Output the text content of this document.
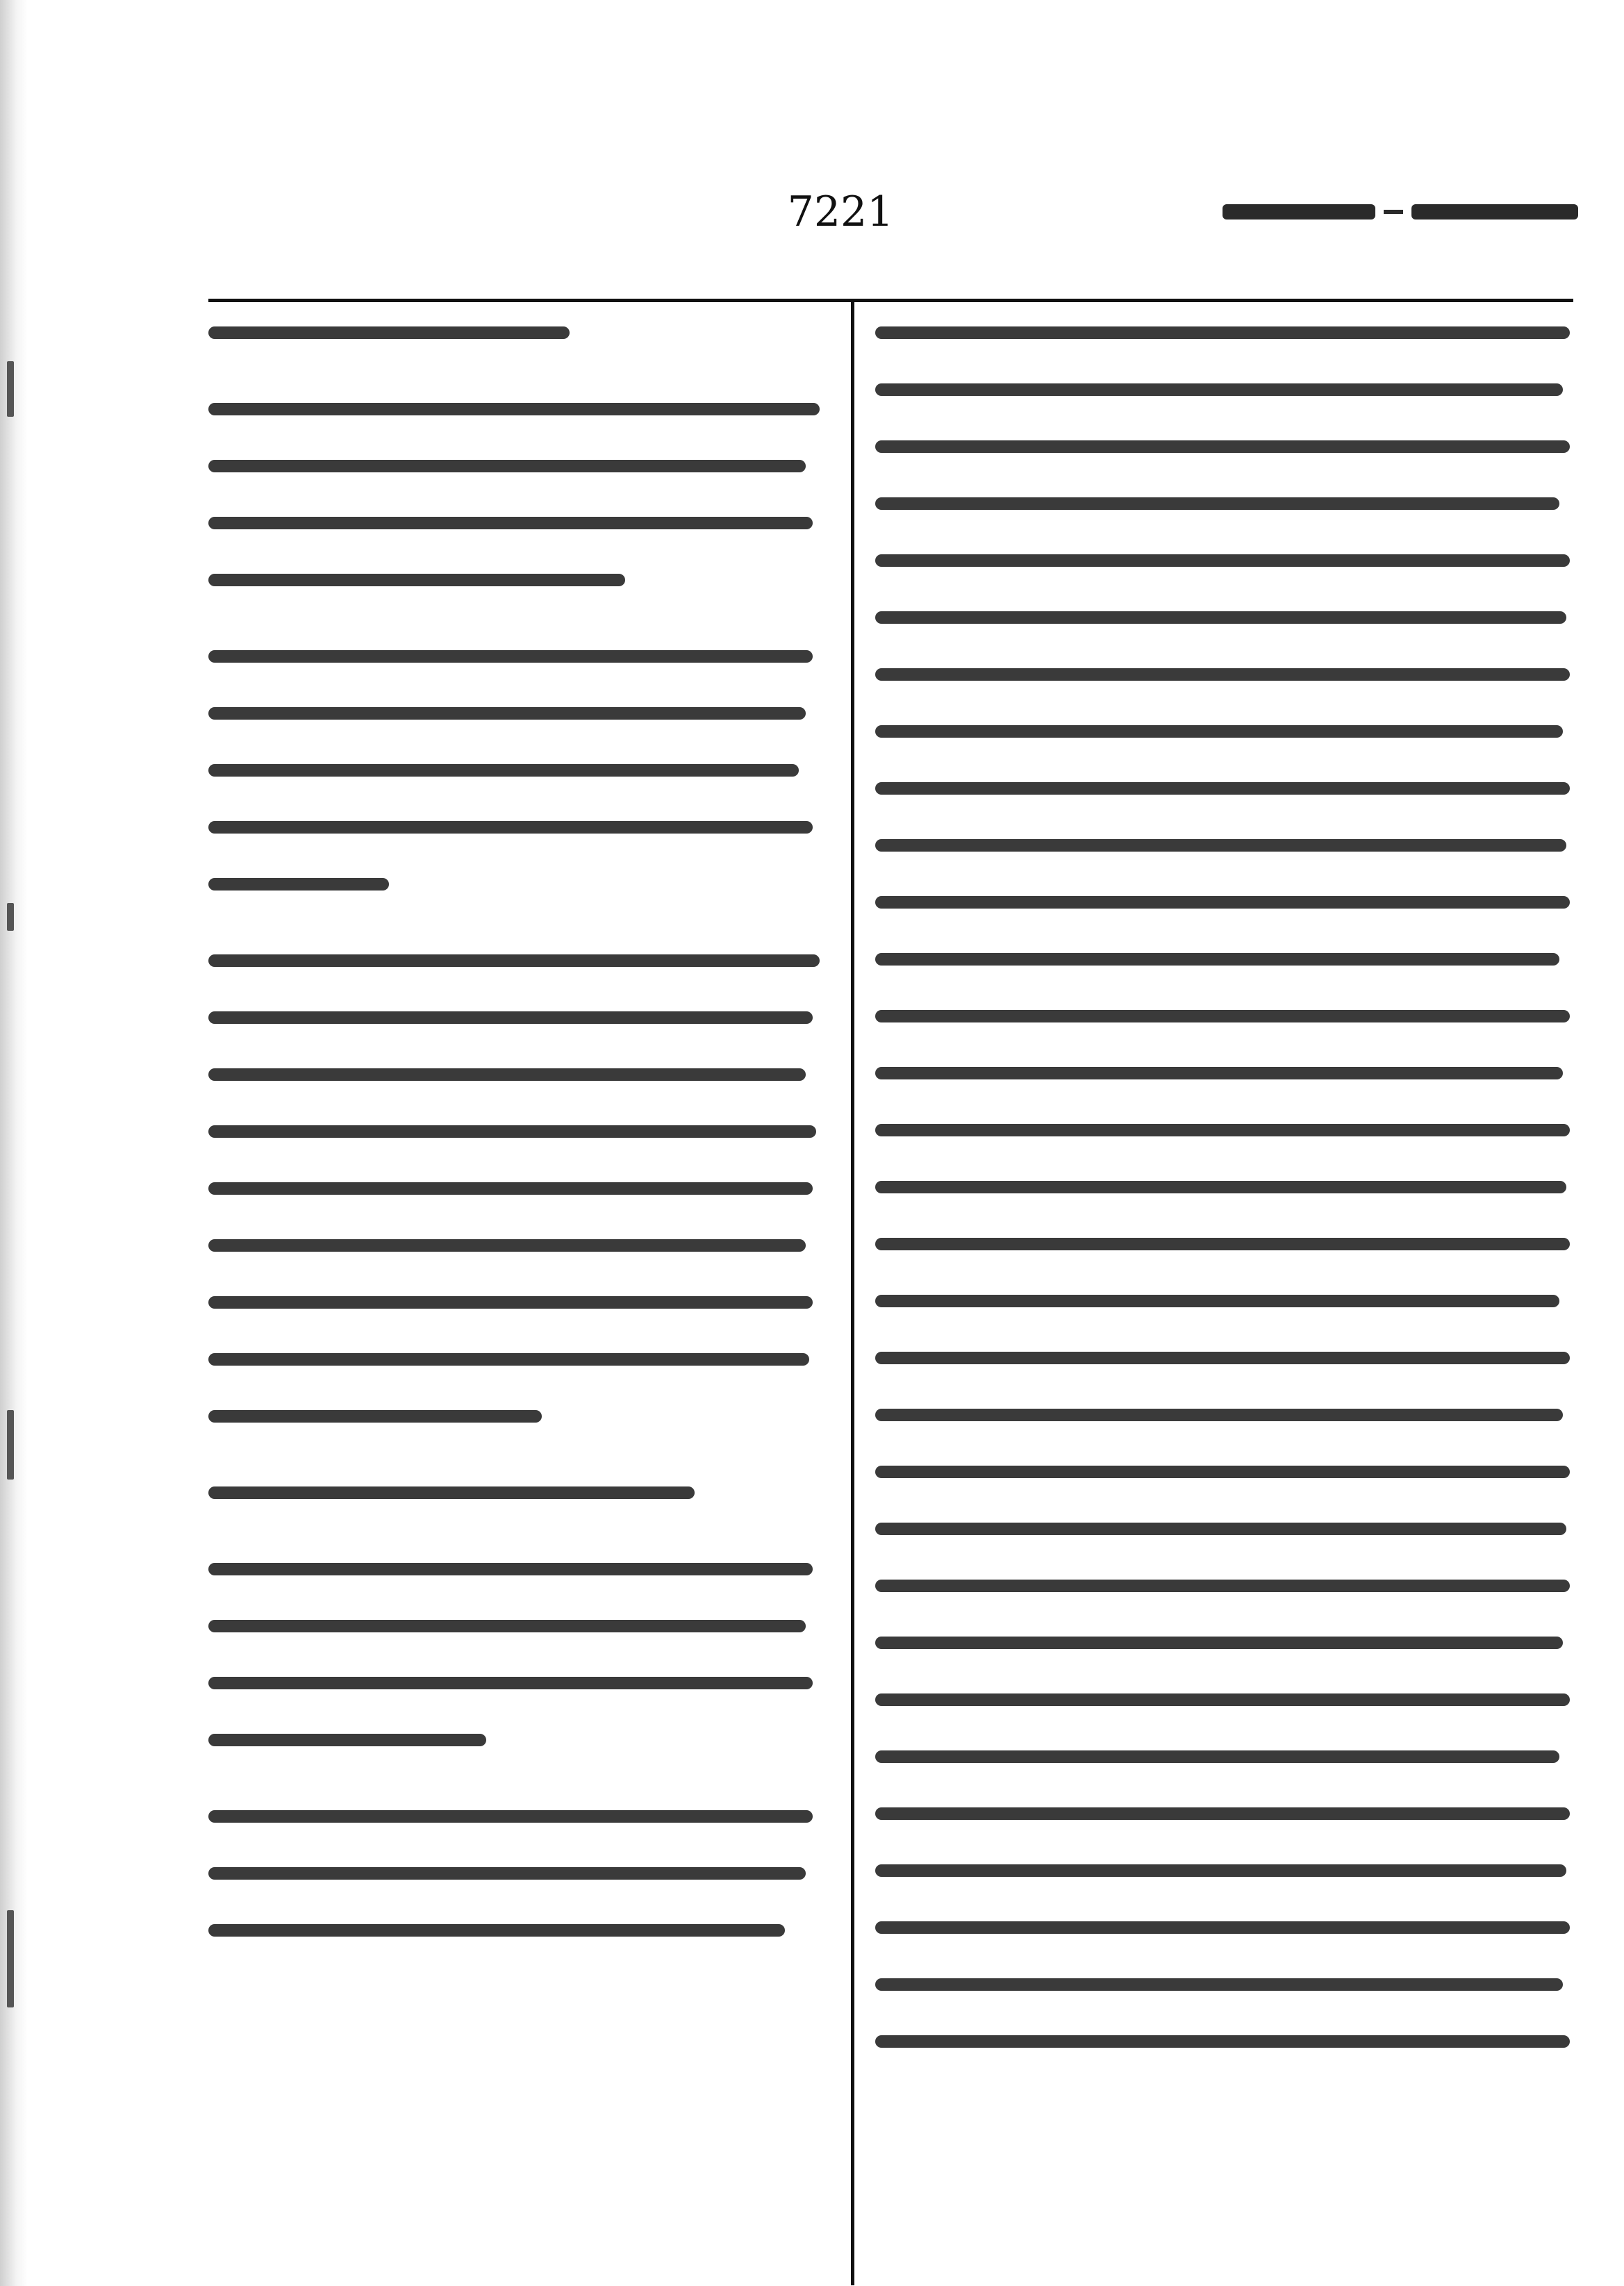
7221
